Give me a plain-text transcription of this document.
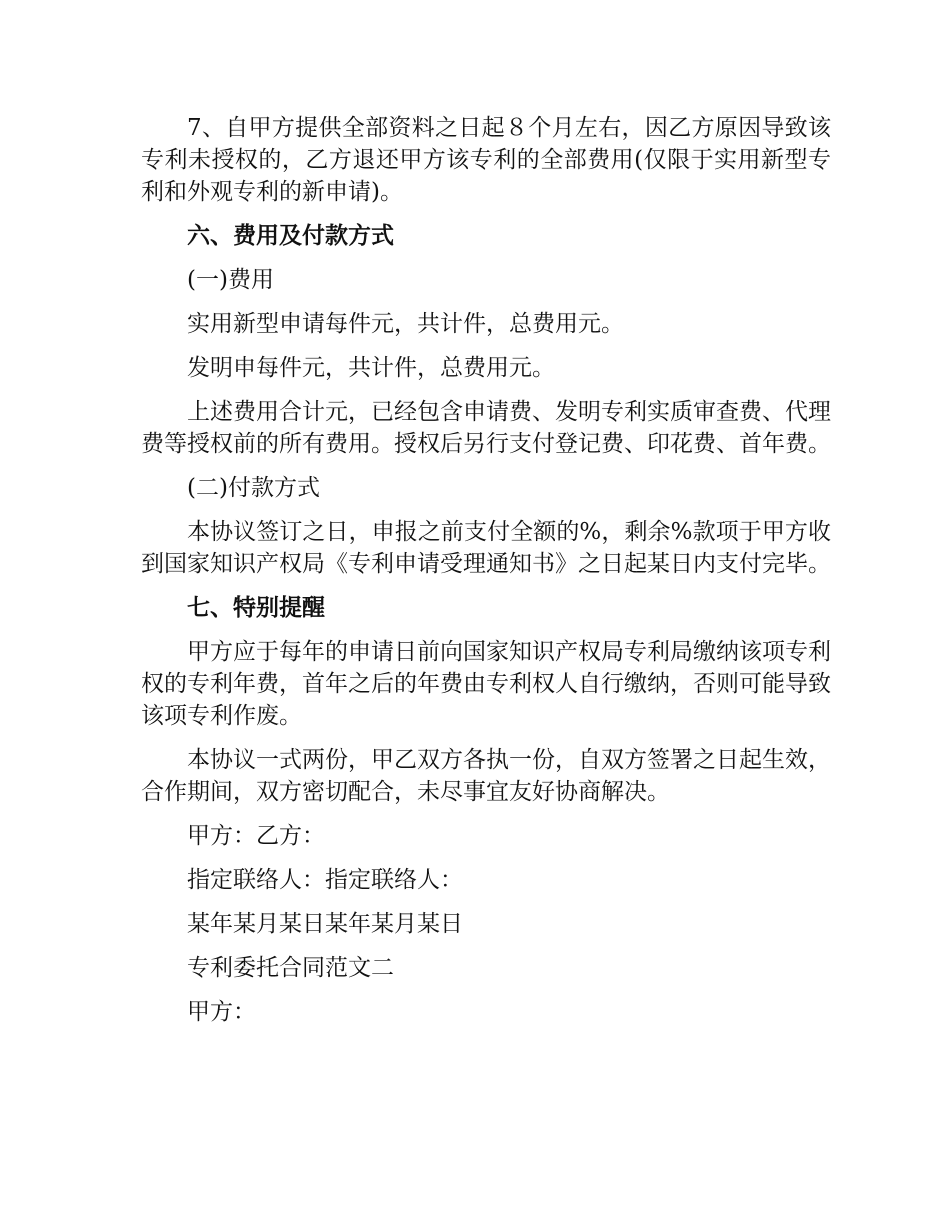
7、自甲方提供全部资料之日起８个月左右，因乙方原因导致该专利未授权的，乙方退还甲方该专利的全部费用(仅限于实用新型专利和外观专利的新申请)。

六、费用及付款方式

(一)费用

实用新型申请每件元，共计件，总费用元。

发明申每件元，共计件，总费用元。

上述费用合计元，已经包含申请费、发明专利实质审查费、代理费等授权前的所有费用。授权后另行支付登记费、印花费、首年费。

(二)付款方式

本协议签订之日，申报之前支付全额的%，剩余%款项于甲方收到国家知识产权局《专利申请受理通知书》之日起某日内支付完毕。

七、特别提醒

甲方应于每年的申请日前向国家知识产权局专利局缴纳该项专利权的专利年费，首年之后的年费由专利权人自行缴纳，否则可能导致该项专利作废。

本协议一式两份，甲乙双方各执一份，自双方签署之日起生效，合作期间，双方密切配合，未尽事宜友好协商解决。

甲方：乙方：

指定联络人：指定联络人：

某年某月某日某年某月某日

专利委托合同范文二

甲方：
